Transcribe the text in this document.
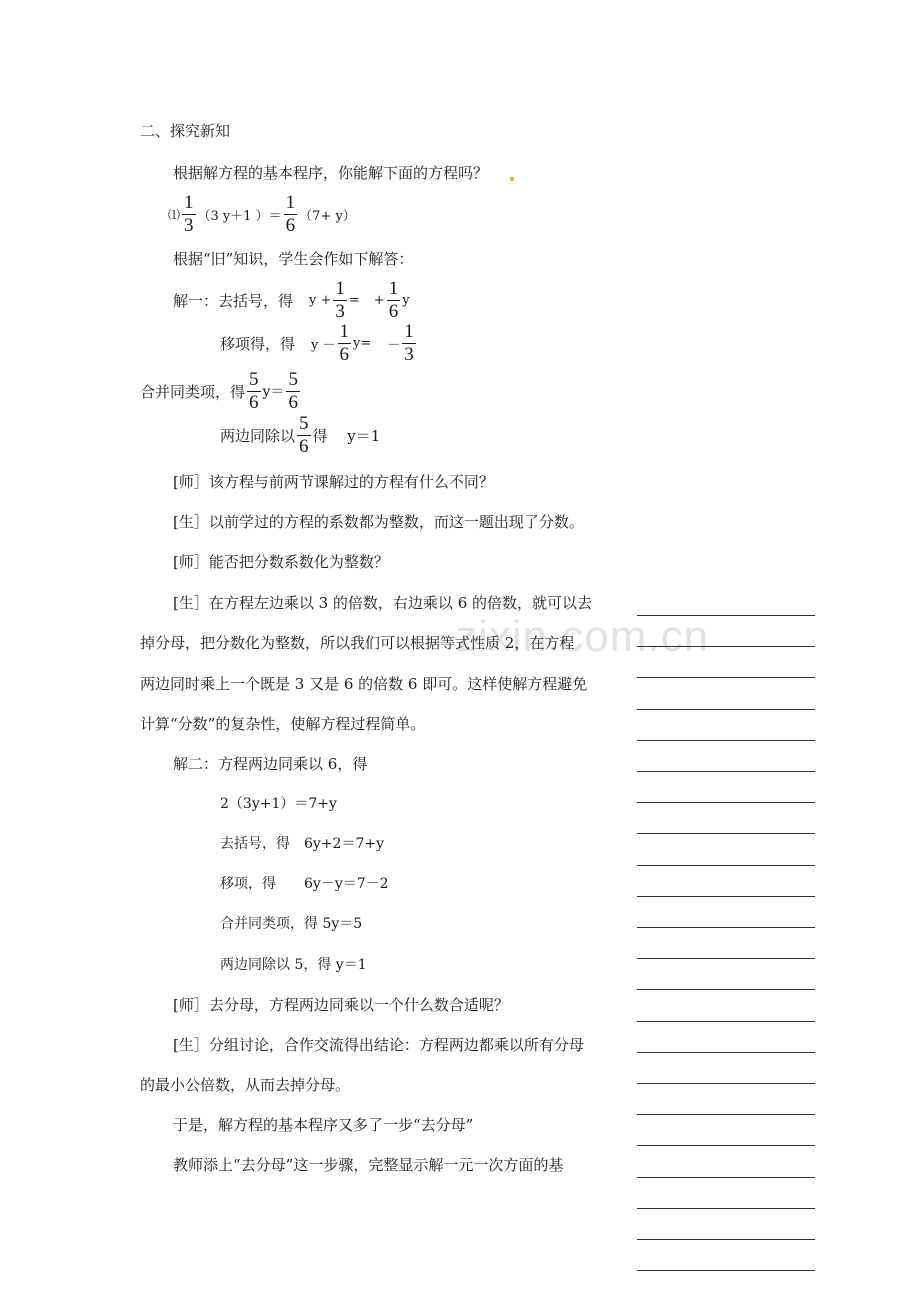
zixin.com.cn
二、探究新知
根据解方程的基本程序，你能解下面的方程吗？
⑴ $\frac{1}{3} (3$ y＋1 ）＝ $\frac{1}{6} (7+ y)$
根据“旧”知识，学生会作如下解答：
解一：去括号，得 $y + \frac{1}{3}$ = + $\frac{1}{6}$ y
移项得，得 $y - \frac{1}{6} y= - \frac{1}{3}$
合并同类项，得 $\frac{5}{6} y= \frac{5}{6}$
两边同除以 $\frac{5}{6}$ 得　 y＝1
[师］该方程与前两节课解过的方程有什么不同？
[生］以前学过的方程的系数都为整数，而这一题出现了分数。
[师］能否把分数系数化为整数？
[生］在方程左边乘以 3 的倍数，右边乘以 6 的倍数，就可以去
掉分母，把分数化为整数，所以我们可以根据等式性质 2，在方程
两边同时乘上一个既是 3 又是 6 的倍数 6 即可。这样使解方程避免
计算“分数”的复杂性，使解方程过程简单。
解二：方程两边同乘以 6，得
2（3y+1）＝7+y
去括号，得　6y+2＝7+y
移项，得　　6y－y＝7－2
合并同类项，得 5y＝5
两边同除以 5，得 y＝1
[师］去分母，方程两边同乘以一个什么数合适呢？
[生］分组讨论，合作交流得出结论：方程两边都乘以所有分母
的最小公倍数，从而去掉分母。
于是，解方程的基本程序又多了一步“去分母”
教师添上“去分母”这一步骤，完整显示解一元一次方面的基
